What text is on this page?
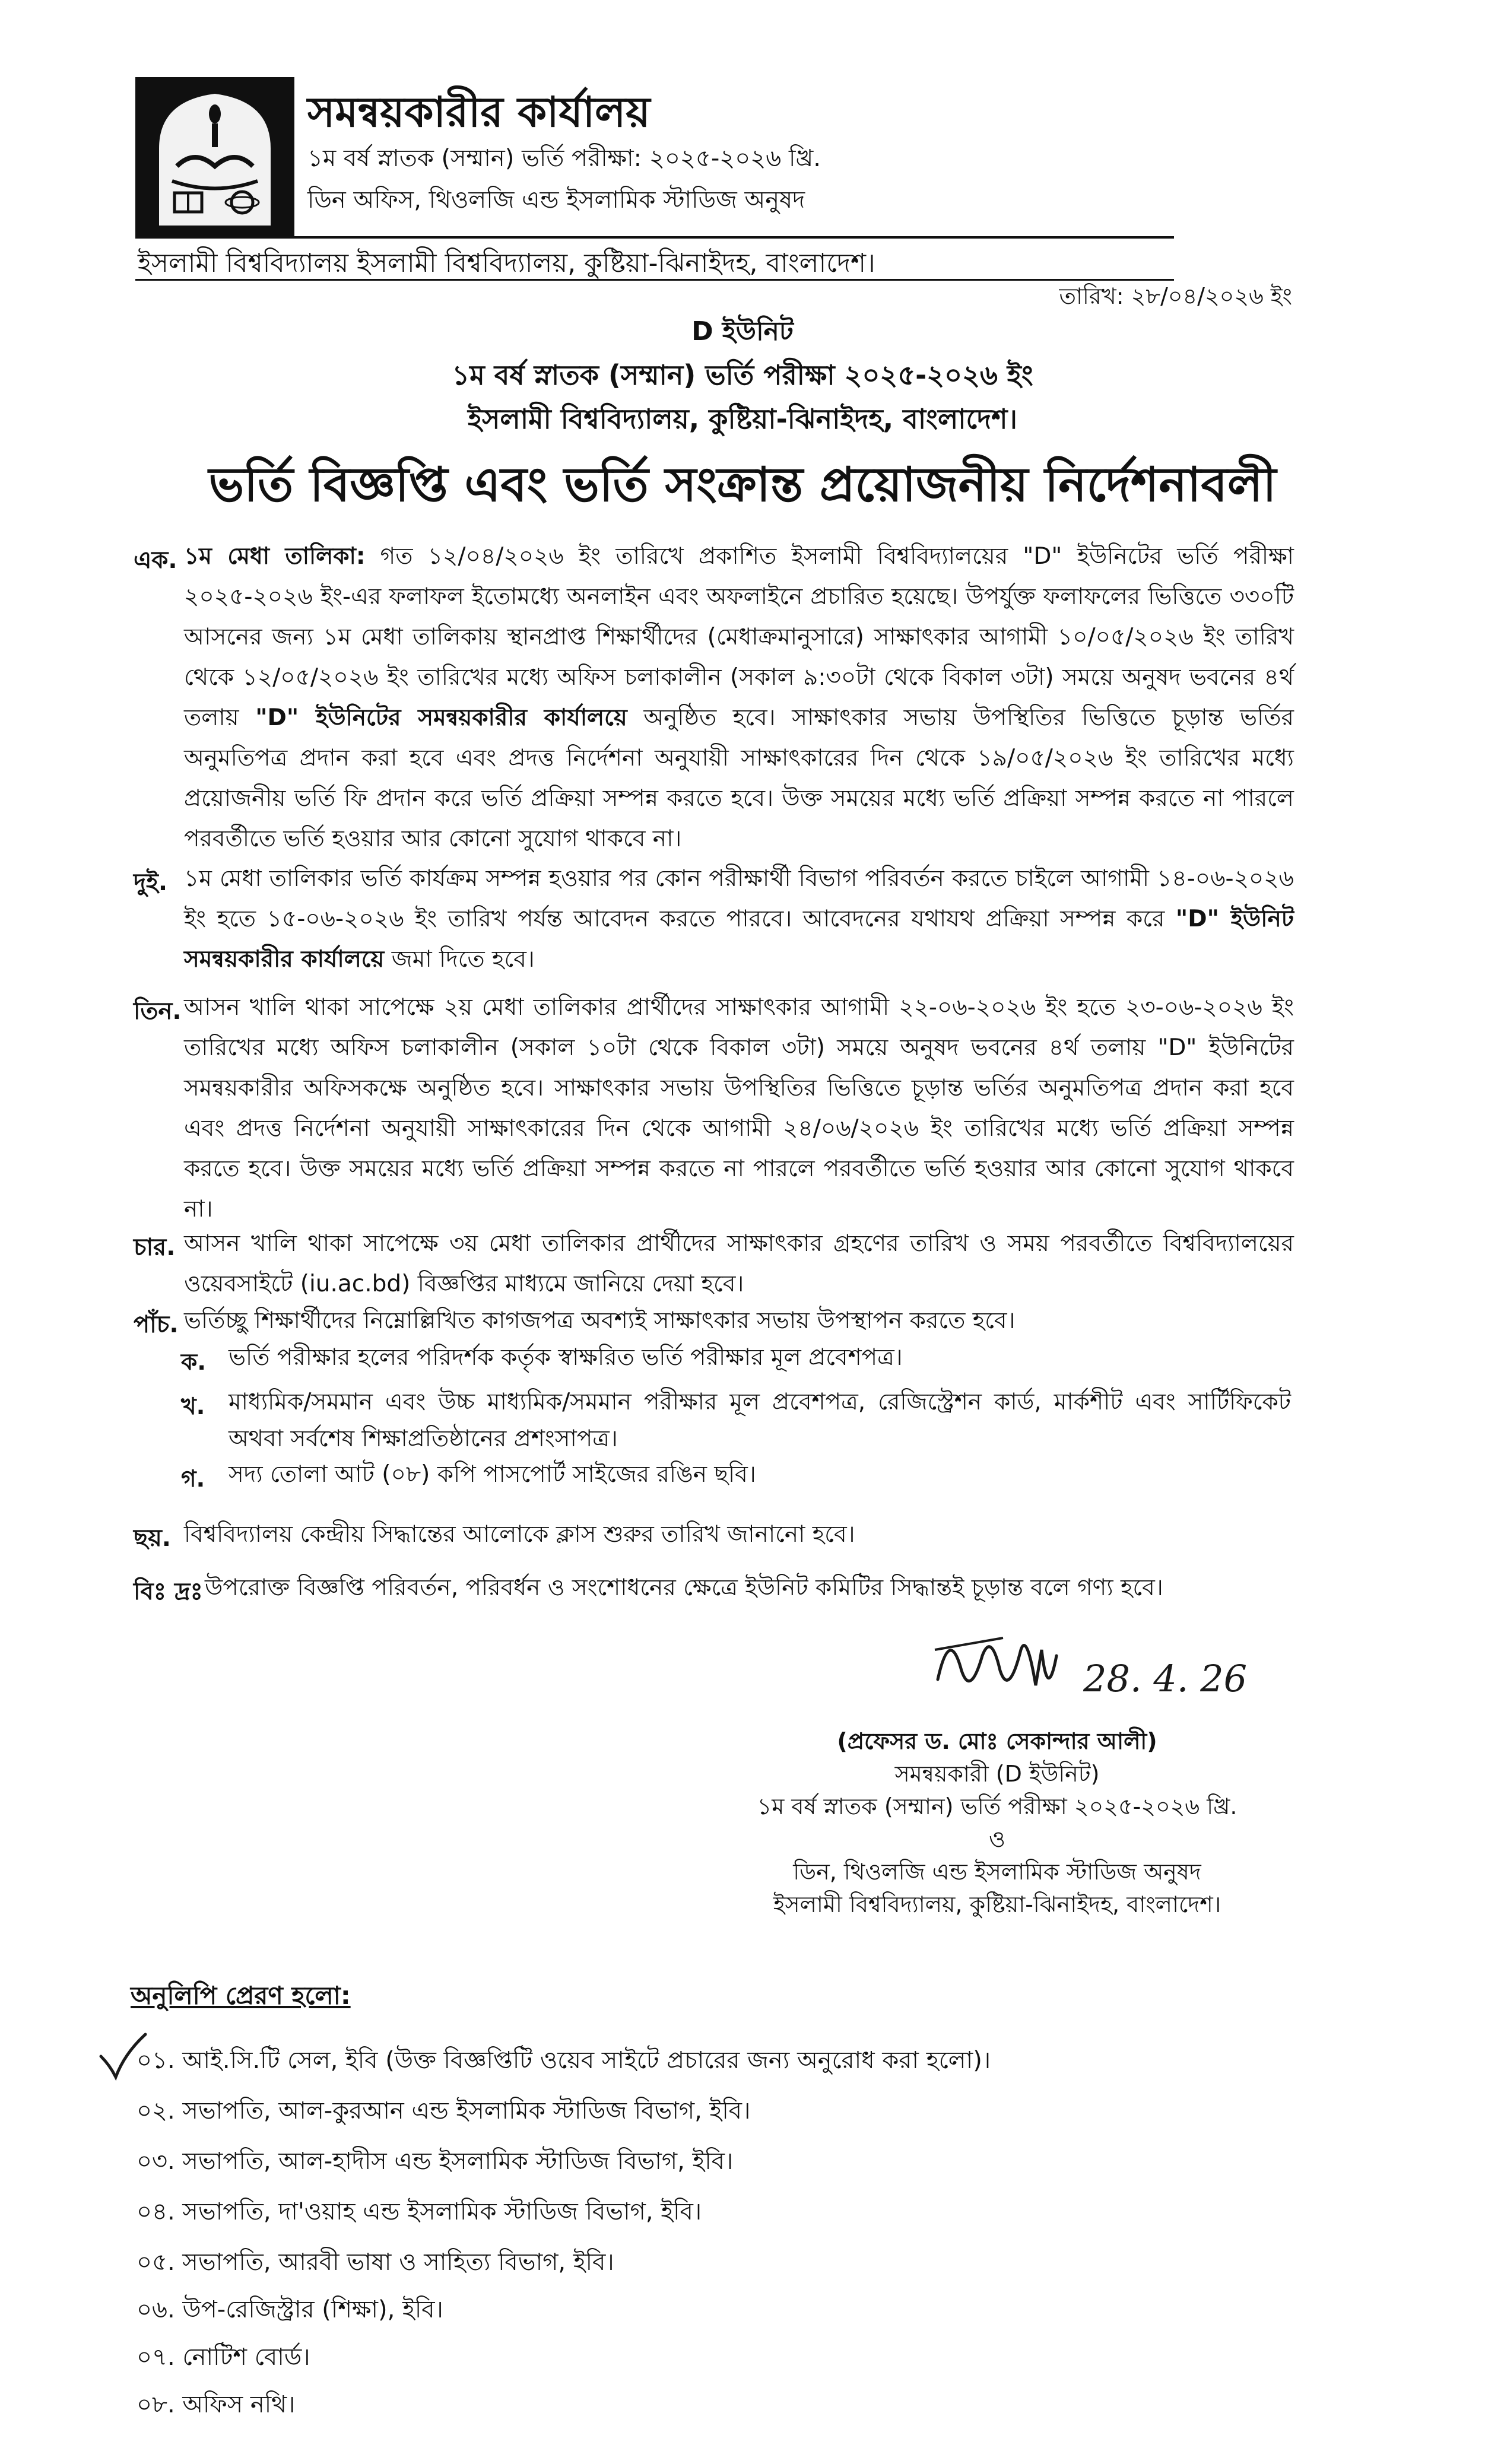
সমন্বয়কারীর কার্যালয়
১ম বর্ষ স্নাতক (সম্মান) ভর্তি পরীক্ষা: ২০২৫-২০২৬ খ্রি.
ডিন অফিস, থিওলজি এন্ড ইসলামিক স্টাডিজ অনুষদ
ইসলামী বিশ্ববিদ্যালয় ইসলামী বিশ্ববিদ্যালয়, কুষ্টিয়া-ঝিনাইদহ, বাংলাদেশ।
তারিখ: ২৮/০৪/২০২৬ ইং
D ইউনিট
১ম বর্ষ স্নাতক (সম্মান) ভর্তি পরীক্ষা ২০২৫-২০২৬ ইং
ইসলামী বিশ্ববিদ্যালয়, কুষ্টিয়া-ঝিনাইদহ, বাংলাদেশ।
ভর্তি বিজ্ঞপ্তি এবং ভর্তি সংক্রান্ত প্রয়োজনীয় নির্দেশনাবলী
এক. ১ম মেধা তালিকা: গত ১২/০৪/২০২৬ ইং তারিখে প্রকাশিত ইসলামী বিশ্ববিদ্যালয়ের "D" ইউনিটের ভর্তি পরীক্ষা ২০২৫-২০২৬ ইং-এর ফলাফল ইতোমধ্যে অনলাইন এবং অফলাইনে প্রচারিত হয়েছে। উপর্যুক্ত ফলাফলের ভিত্তিতে ৩৩০টি আসনের জন্য ১ম মেধা তালিকায় স্থানপ্রাপ্ত শিক্ষার্থীদের (মেধাক্রমানুসারে) সাক্ষাৎকার আগামী ১০/০৫/২০২৬ ইং তারিখ থেকে ১২/০৫/২০২৬ ইং তারিখের মধ্যে অফিস চলাকালীন (সকাল ৯:৩০টা থেকে বিকাল ৩টা) সময়ে অনুষদ ভবনের ৪র্থ তলায় "D" ইউনিটের সমন্বয়কারীর কার্যালয়ে অনুষ্ঠিত হবে। সাক্ষাৎকার সভায় উপস্থিতির ভিত্তিতে চূড়ান্ত ভর্তির অনুমতিপত্র প্রদান করা হবে এবং প্রদত্ত নির্দেশনা অনুযায়ী সাক্ষাৎকারের দিন থেকে ১৯/০৫/২০২৬ ইং তারিখের মধ্যে প্রয়োজনীয় ভর্তি ফি প্রদান করে ভর্তি প্রক্রিয়া সম্পন্ন করতে হবে। উক্ত সময়ের মধ্যে ভর্তি প্রক্রিয়া সম্পন্ন করতে না পারলে পরবর্তীতে ভর্তি হওয়ার আর কোনো সুযোগ থাকবে না।
দুই. ১ম মেধা তালিকার ভর্তি কার্যক্রম সম্পন্ন হওয়ার পর কোন পরীক্ষার্থী বিভাগ পরিবর্তন করতে চাইলে আগামী ১৪-০৬-২০২৬ ইং হতে ১৫-০৬-২০২৬ ইং তারিখ পর্যন্ত আবেদন করতে পারবে। আবেদনের যথাযথ প্রক্রিয়া সম্পন্ন করে "D" ইউনিট সমন্বয়কারীর কার্যালয়ে জমা দিতে হবে।
তিন. আসন খালি থাকা সাপেক্ষে ২য় মেধা তালিকার প্রার্থীদের সাক্ষাৎকার আগামী ২২-০৬-২০২৬ ইং হতে ২৩-০৬-২০২৬ ইং তারিখের মধ্যে অফিস চলাকালীন (সকাল ১০টা থেকে বিকাল ৩টা) সময়ে অনুষদ ভবনের ৪র্থ তলায় "D" ইউনিটের সমন্বয়কারীর অফিসকক্ষে অনুষ্ঠিত হবে। সাক্ষাৎকার সভায় উপস্থিতির ভিত্তিতে চূড়ান্ত ভর্তির অনুমতিপত্র প্রদান করা হবে এবং প্রদত্ত নির্দেশনা অনুযায়ী সাক্ষাৎকারের দিন থেকে আগামী ২৪/০৬/২০২৬ ইং তারিখের মধ্যে ভর্তি প্রক্রিয়া সম্পন্ন করতে হবে। উক্ত সময়ের মধ্যে ভর্তি প্রক্রিয়া সম্পন্ন করতে না পারলে পরবর্তীতে ভর্তি হওয়ার আর কোনো সুযোগ থাকবে না।
চার. আসন খালি থাকা সাপেক্ষে ৩য় মেধা তালিকার প্রার্থীদের সাক্ষাৎকার গ্রহণের তারিখ ও সময় পরবর্তীতে বিশ্ববিদ্যালয়ের ওয়েবসাইটে (iu.ac.bd) বিজ্ঞপ্তির মাধ্যমে জানিয়ে দেয়া হবে।
পাঁচ. ভর্তিচ্ছু শিক্ষার্থীদের নিম্নোল্লিখিত কাগজপত্র অবশ্যই সাক্ষাৎকার সভায় উপস্থাপন করতে হবে।
ক. ভর্তি পরীক্ষার হলের পরিদর্শক কর্তৃক স্বাক্ষরিত ভর্তি পরীক্ষার মূল প্রবেশপত্র।
খ. মাধ্যমিক/সমমান এবং উচ্চ মাধ্যমিক/সমমান পরীক্ষার মূল প্রবেশপত্র, রেজিস্ট্রেশন কার্ড, মার্কশীট এবং সার্টিফিকেট অথবা সর্বশেষ শিক্ষাপ্রতিষ্ঠানের প্রশংসাপত্র।
গ. সদ্য তোলা আট (০৮) কপি পাসপোর্ট সাইজের রঙিন ছবি।
ছয়. বিশ্ববিদ্যালয় কেন্দ্রীয় সিদ্ধান্তের আলোকে ক্লাস শুরুর তারিখ জানানো হবে।
বিঃ দ্রঃ উপরোক্ত বিজ্ঞপ্তি পরিবর্তন, পরিবর্ধন ও সংশোধনের ক্ষেত্রে ইউনিট কমিটির সিদ্ধান্তই চূড়ান্ত বলে গণ্য হবে।
28. 4. 26
(প্রফেসর ড. মোঃ সেকান্দার আলী)
সমন্বয়কারী (D ইউনিট)
১ম বর্ষ স্নাতক (সম্মান) ভর্তি পরীক্ষা ২০২৫-২০২৬ খ্রি.
ও
ডিন, থিওলজি এন্ড ইসলামিক স্টাডিজ অনুষদ
ইসলামী বিশ্ববিদ্যালয়, কুষ্টিয়া-ঝিনাইদহ, বাংলাদেশ।
অনুলিপি প্রেরণ হলো:
০১. আই.সি.টি সেল, ইবি (উক্ত বিজ্ঞপ্তিটি ওয়েব সাইটে প্রচারের জন্য অনুরোধ করা হলো)।
০২. সভাপতি, আল-কুরআন এন্ড ইসলামিক স্টাডিজ বিভাগ, ইবি।
০৩. সভাপতি, আল-হাদীস এন্ড ইসলামিক স্টাডিজ বিভাগ, ইবি।
০৪. সভাপতি, দা'ওয়াহ এন্ড ইসলামিক স্টাডিজ বিভাগ, ইবি।
০৫. সভাপতি, আরবী ভাষা ও সাহিত্য বিভাগ, ইবি।
০৬. উপ-রেজিস্ট্রার (শিক্ষা), ইবি।
০৭. নোটিশ বোর্ড।
০৮. অফিস নথি।
